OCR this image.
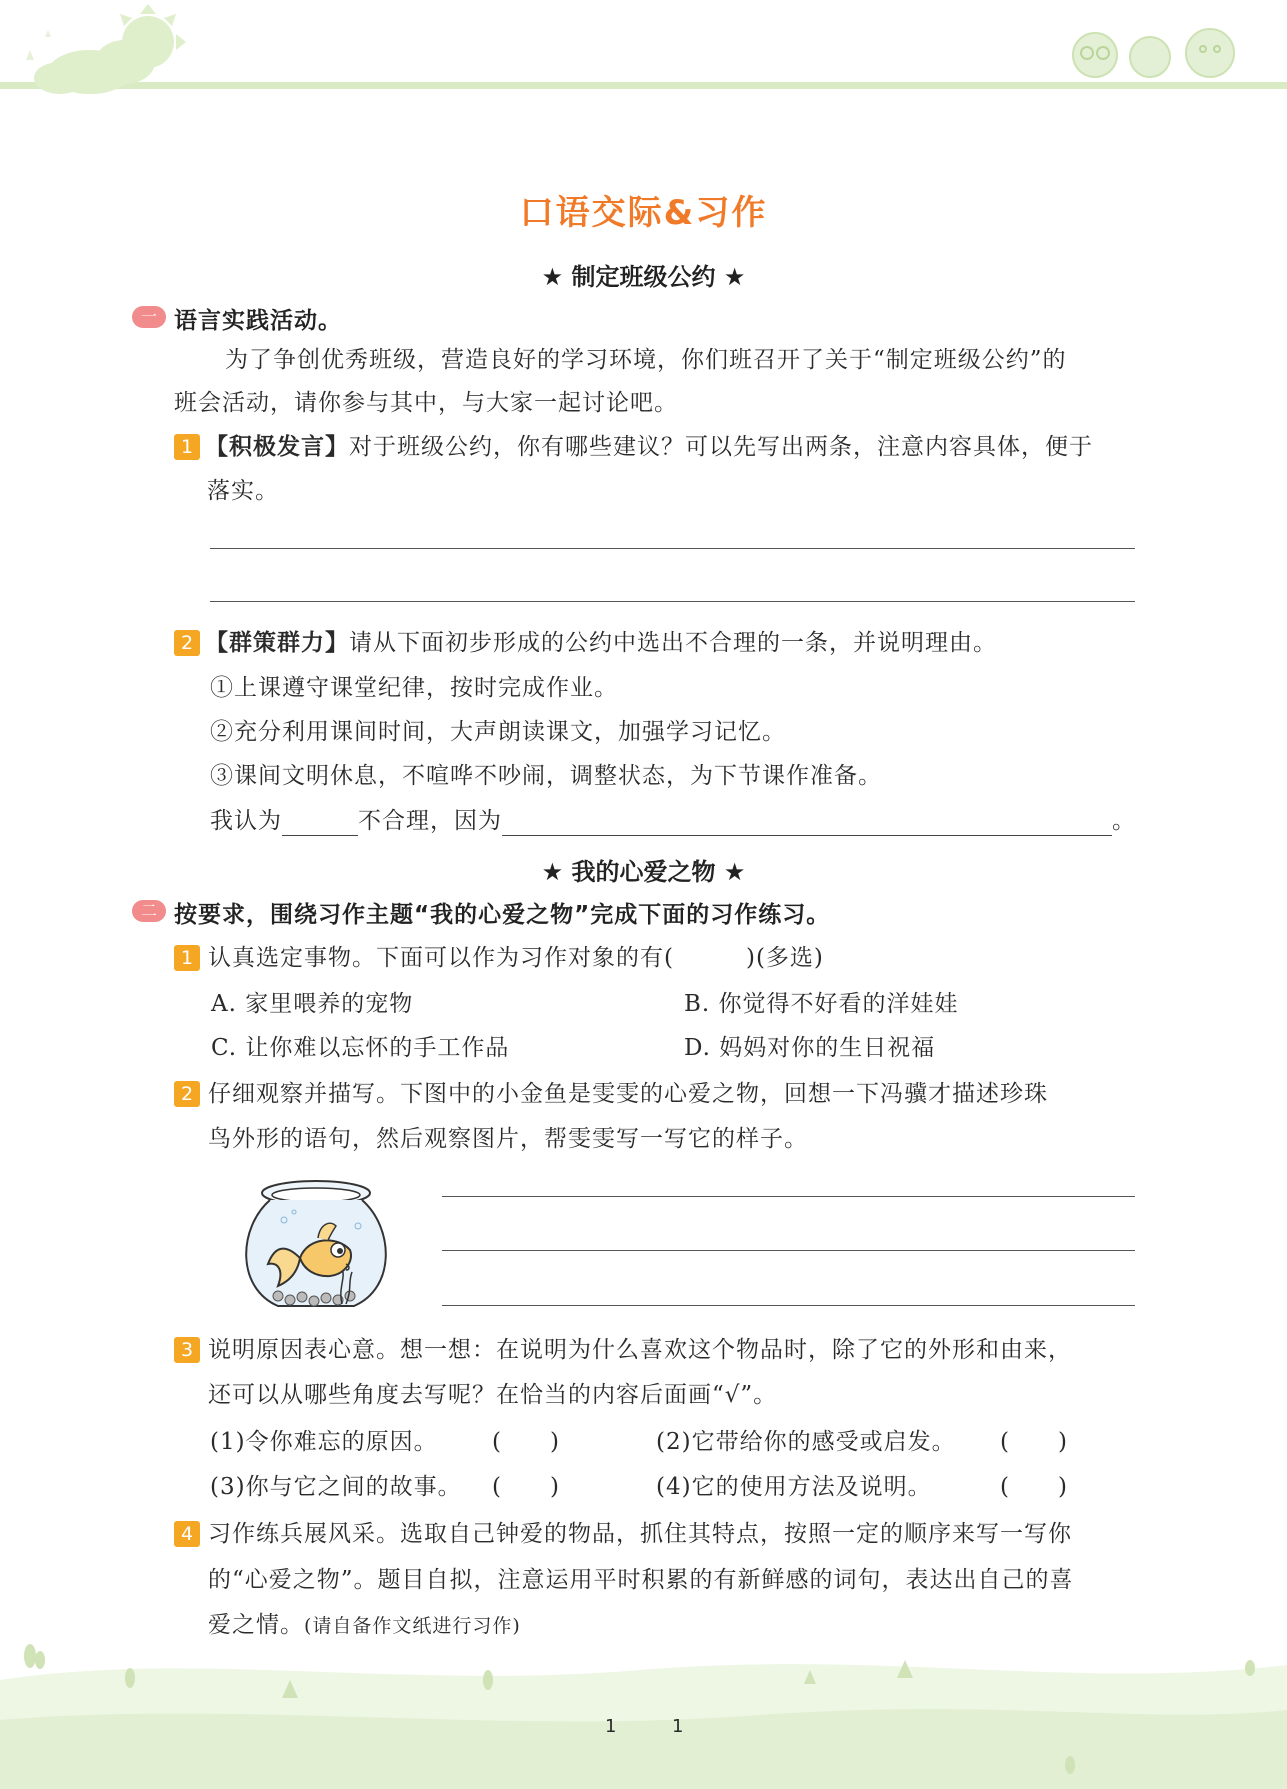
口语交际&习作
★ 制定班级公约 ★
一 语言实践活动。
为了争创优秀班级，营造良好的学习环境，你们班召开了关于“制定班级公约”的
班会活动，请你参与其中，与大家一起讨论吧。
1 【积极发言】对于班级公约，你有哪些建议？可以先写出两条，注意内容具体，便于
落实。
2 【群策群力】请从下面初步形成的公约中选出不合理的一条，并说明理由。
①上课遵守课堂纪律，按时完成作业。
②充分利用课间时间，大声朗读课文，加强学习记忆。
③课间文明休息，不喧哗不吵闹，调整状态，为下节课作准备。
我认为	不合理，因为	。
★ 我的心爱之物 ★
二 按要求，围绕习作主题“我的心爱之物”完成下面的习作练习。
1 认真选定事物。下面可以作为习作对象的有(	)(多选)
A. 家里喂养的宠物	B. 你觉得不好看的洋娃娃
C. 让你难以忘怀的手工作品	D. 妈妈对你的生日祝福
2 仔细观察并描写。下图中的小金鱼是雯雯的心爱之物，回想一下冯骥才描述珍珠
鸟外形的语句，然后观察图片，帮雯雯写一写它的样子。
3 说明原因表心意。想一想：在说明为什么喜欢这个物品时，除了它的外形和由来，
还可以从哪些角度去写呢？在恰当的内容后面画“√”。
(1)令你难忘的原因。 (　　)	(2)它带给你的感受或启发。 (　　)
(3)你与它之间的故事。 (　　)	(4)它的使用方法及说明。	(　　)
4 习作练兵展风采。选取自己钟爱的物品，抓住其特点，按照一定的顺序来写一写你
的“心爱之物”。题目自拟，注意运用平时积累的有新鲜感的词句，表达出自己的喜
爱之情。(请自备作文纸进行习作)
1	1
